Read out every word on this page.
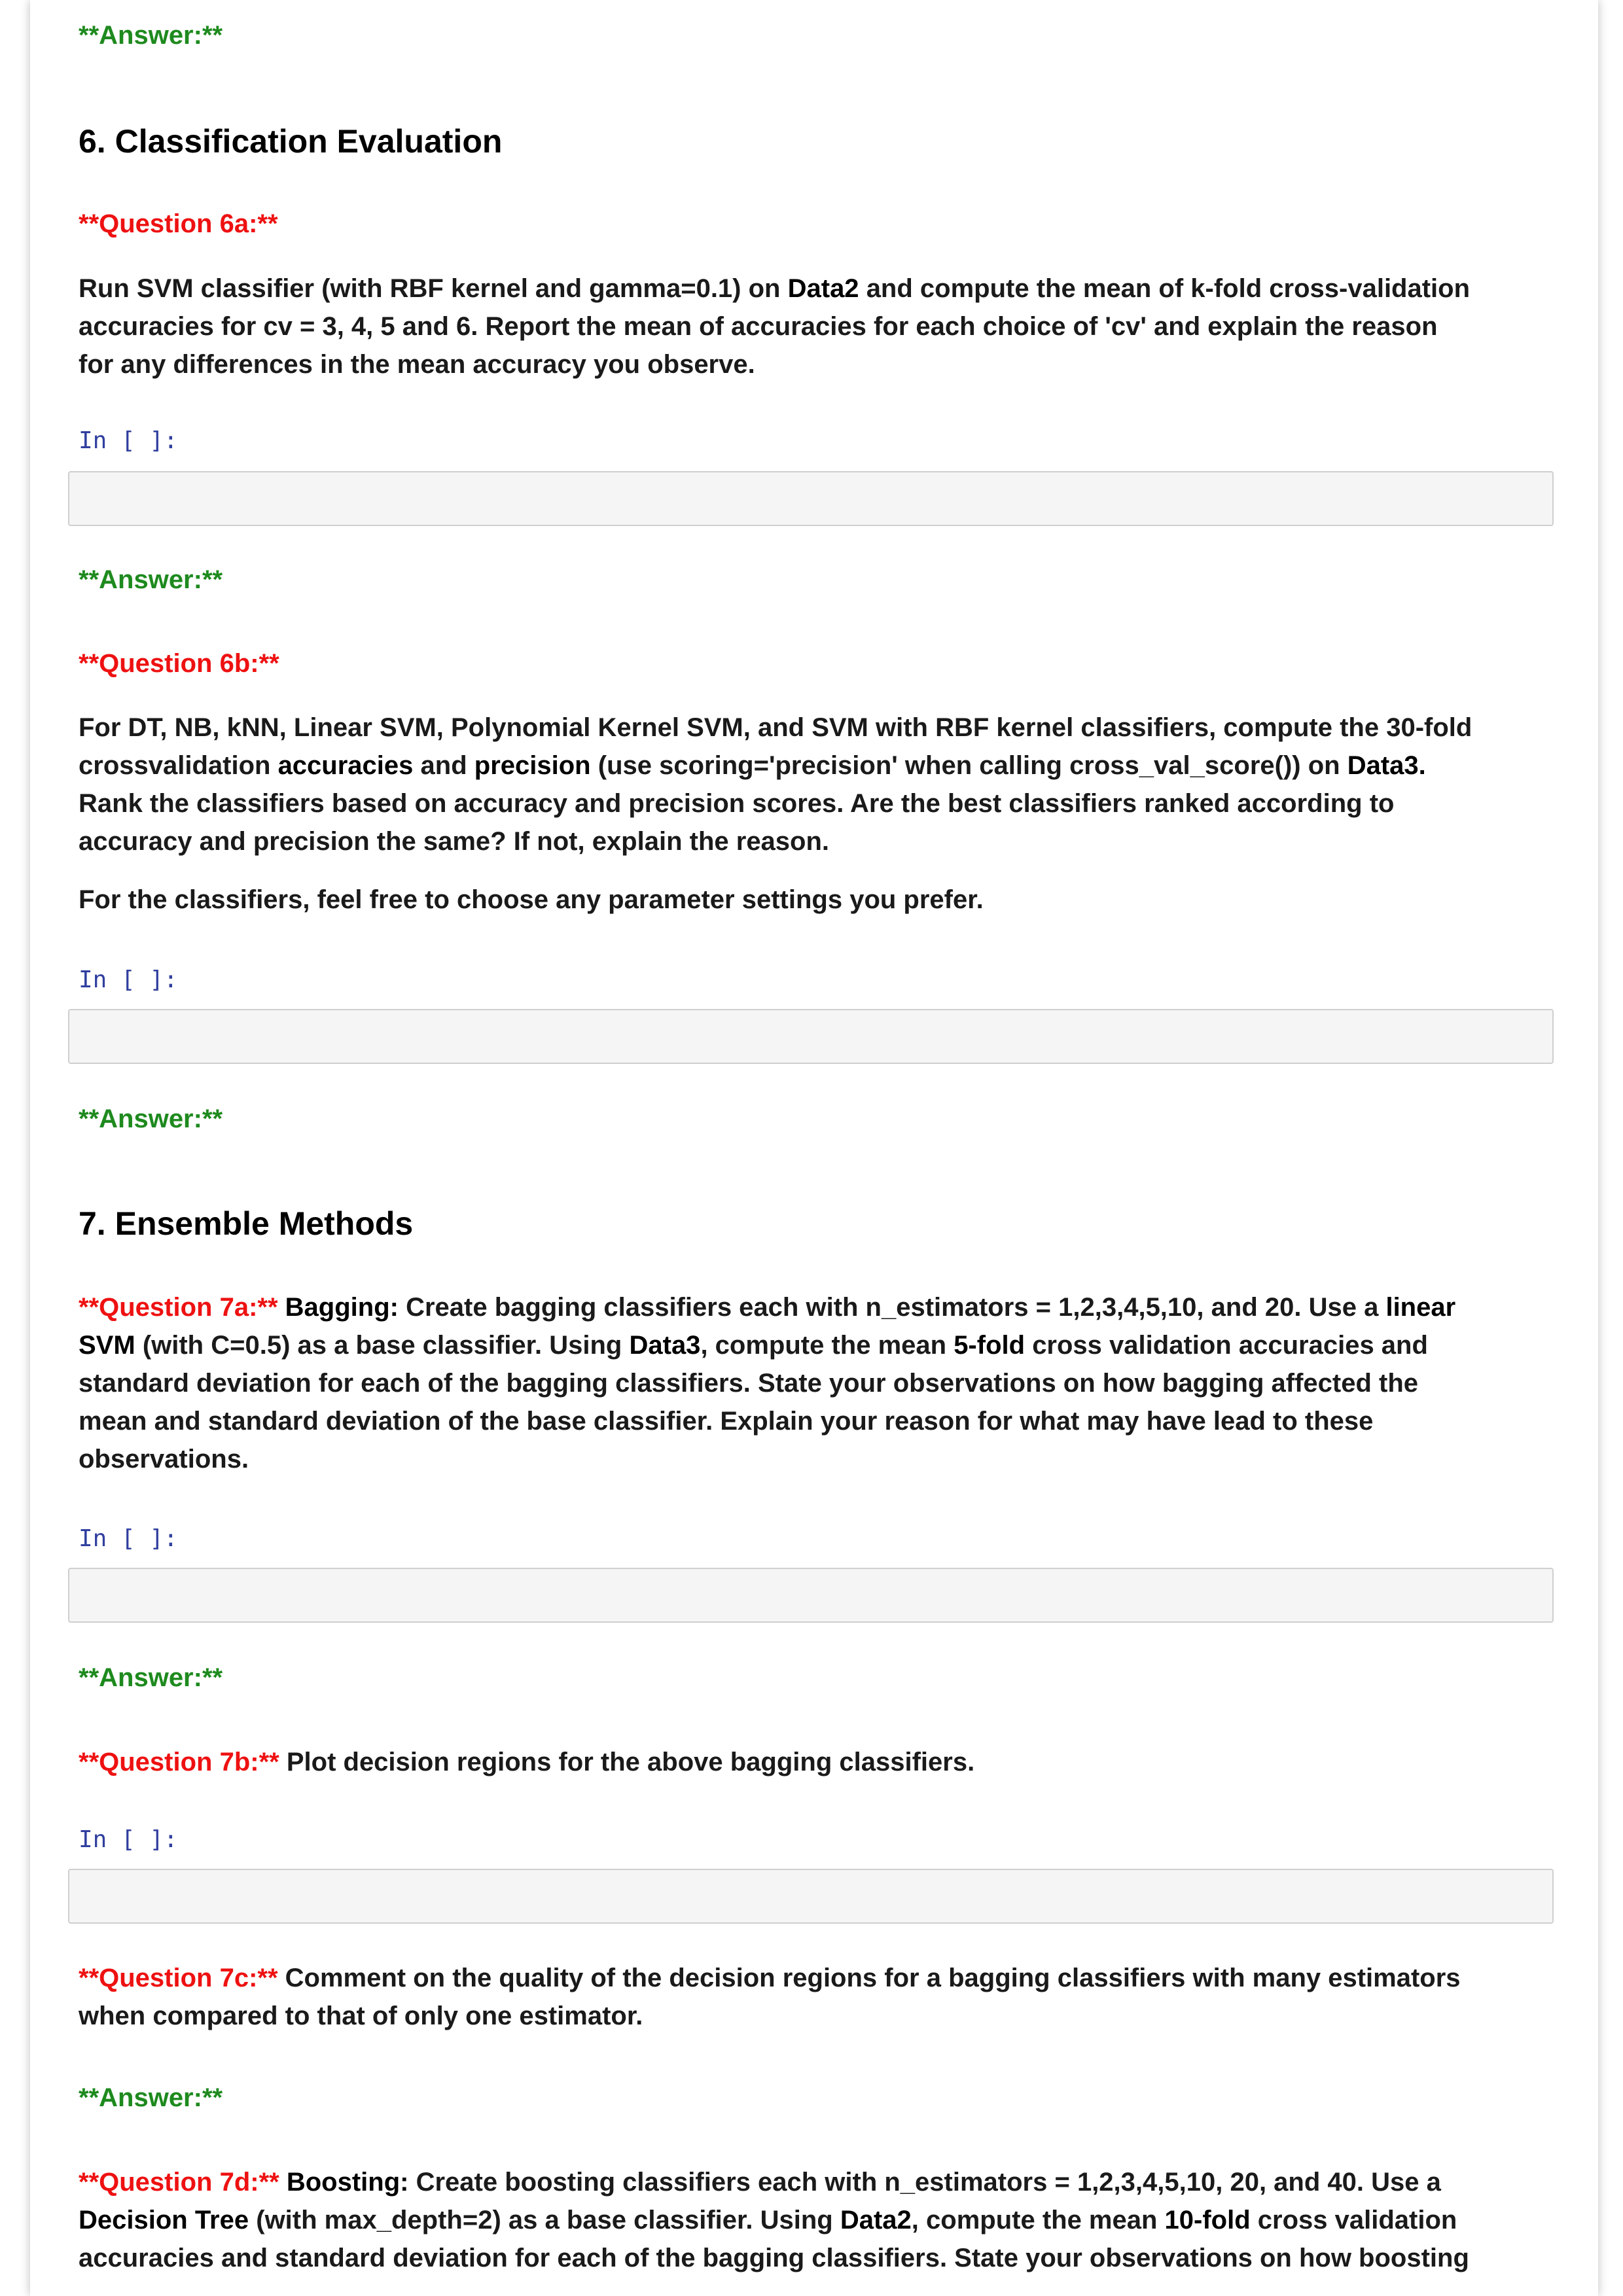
**Answer:**
6. Classification Evaluation
**Question 6a:**
Run SVM classifier (with RBF kernel and gamma=0.1) on Data2 and compute the mean of k-fold cross-validation
accuracies for cv = 3, 4, 5 and 6. Report the mean of accuracies for each choice of 'cv' and explain the reason
for any differences in the mean accuracy you observe.
In [ ]:
**Answer:**
**Question 6b:**
For DT, NB, kNN, Linear SVM, Polynomial Kernel SVM, and SVM with RBF kernel classifiers, compute the 30-fold
crossvalidation accuracies and precision (use scoring='precision' when calling cross_val_score()) on Data3.
Rank the classifiers based on accuracy and precision scores. Are the best classifiers ranked according to
accuracy and precision the same? If not, explain the reason.
For the classifiers, feel free to choose any parameter settings you prefer.
In [ ]:
**Answer:**
7. Ensemble Methods
**Question 7a:** Bagging: Create bagging classifiers each with n_estimators = 1,2,3,4,5,10, and 20. Use a linear
SVM (with C=0.5) as a base classifier. Using Data3, compute the mean 5-fold cross validation accuracies and
standard deviation for each of the bagging classifiers. State your observations on how bagging affected the
mean and standard deviation of the base classifier. Explain your reason for what may have lead to these
observations.
In [ ]:
**Answer:**
**Question 7b:** Plot decision regions for the above bagging classifiers.
In [ ]:
**Question 7c:** Comment on the quality of the decision regions for a bagging classifiers with many estimators
when compared to that of only one estimator.
**Answer:**
**Question 7d:** Boosting: Create boosting classifiers each with n_estimators = 1,2,3,4,5,10, 20, and 40. Use a
Decision Tree (with max_depth=2) as a base classifier. Using Data2, compute the mean 10-fold cross validation
accuracies and standard deviation for each of the bagging classifiers. State your observations on how boosting
